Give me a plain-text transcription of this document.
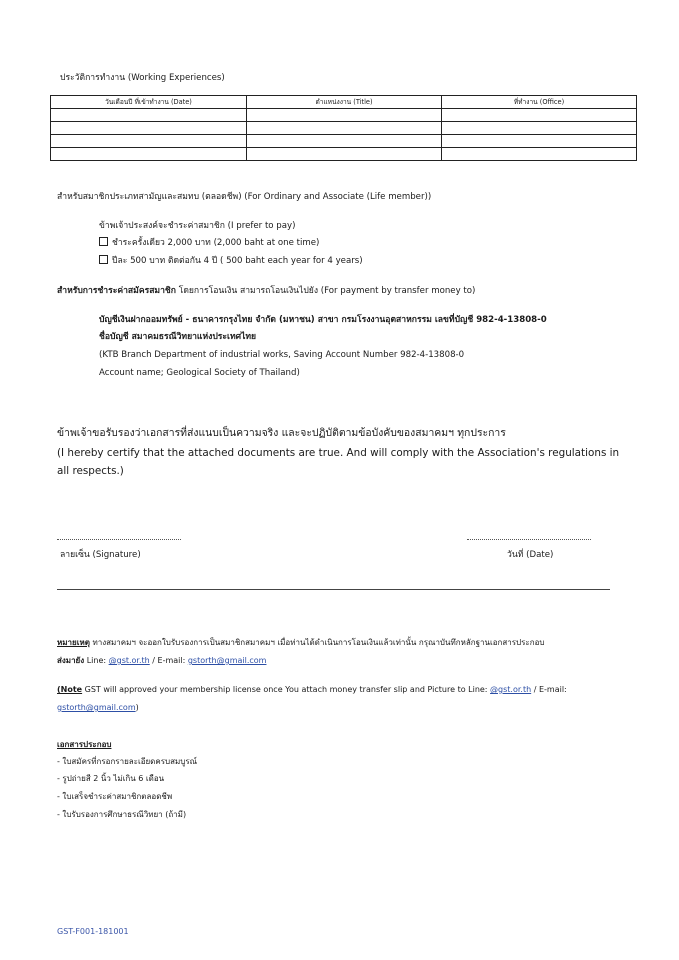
ประวัติการทำงาน (Working Experiences)
วันเดือนปี ที่เข้าทำงาน (Date)	ตำแหน่งงาน (Title)	ที่ทำงาน (Office)

สำหรับสมาชิกประเภทสามัญและสมทบ (ตลอดชีพ) (For Ordinary and Associate (Life member))
ข้าพเจ้าประสงค์จะชำระค่าสมาชิก (I prefer to pay)
ชำระครั้งเดียว 2,000 บาท (2,000 baht at one time)
ปีละ 500 บาท ติดต่อกัน 4 ปี ( 500 baht each year for 4 years)
สำหรับการชำระค่าสมัครสมาชิก โดยการโอนเงิน สามารถโอนเงินไปยัง (For payment by transfer money to)
บัญชีเงินฝากออมทรัพย์ - ธนาคารกรุงไทย จำกัด (มหาชน) สาขา กรมโรงงานอุตสาหกรรม เลขที่บัญชี 982-4-13808-0
ชื่อบัญชี สมาคมธรณีวิทยาแห่งประเทศไทย
(KTB Branch Department of industrial works, Saving Account Number 982-4-13808-0
Account name; Geological Society of Thailand)
ข้าพเจ้าขอรับรองว่าเอกสารที่ส่งแนบเป็นความจริง และจะปฏิบัติตามข้อบังคับของสมาคมฯ ทุกประการ
(I hereby certify that the attached documents are true. And will comply with the Association's regulations in all respects.)
ลายเซ็น (Signature)	วันที่ (Date)
หมายเหตุ ทางสมาคมฯ จะออกใบรับรองการเป็นสมาชิกสมาคมฯ เมื่อท่านได้ดำเนินการโอนเงินแล้วเท่านั้น กรุณาบันทึกหลักฐานเอกสารประกอบ
ส่งมายัง Line: @gst.or.th / E-mail: gstorth@gmail.com
(Note GST will approved your membership license once You attach money transfer slip and Picture to Line: @gst.or.th / E-mail:
gstorth@gmail.com)
เอกสารประกอบ
- ใบสมัครที่กรอกรายละเอียดครบสมบูรณ์
- รูปถ่ายสี 2 นิ้ว ไม่เกิน 6 เดือน
- ใบเสร็จชำระค่าสมาชิกตลอดชีพ
- ใบรับรองการศึกษาธรณีวิทยา (ถ้ามี)
GST-F001-181001
